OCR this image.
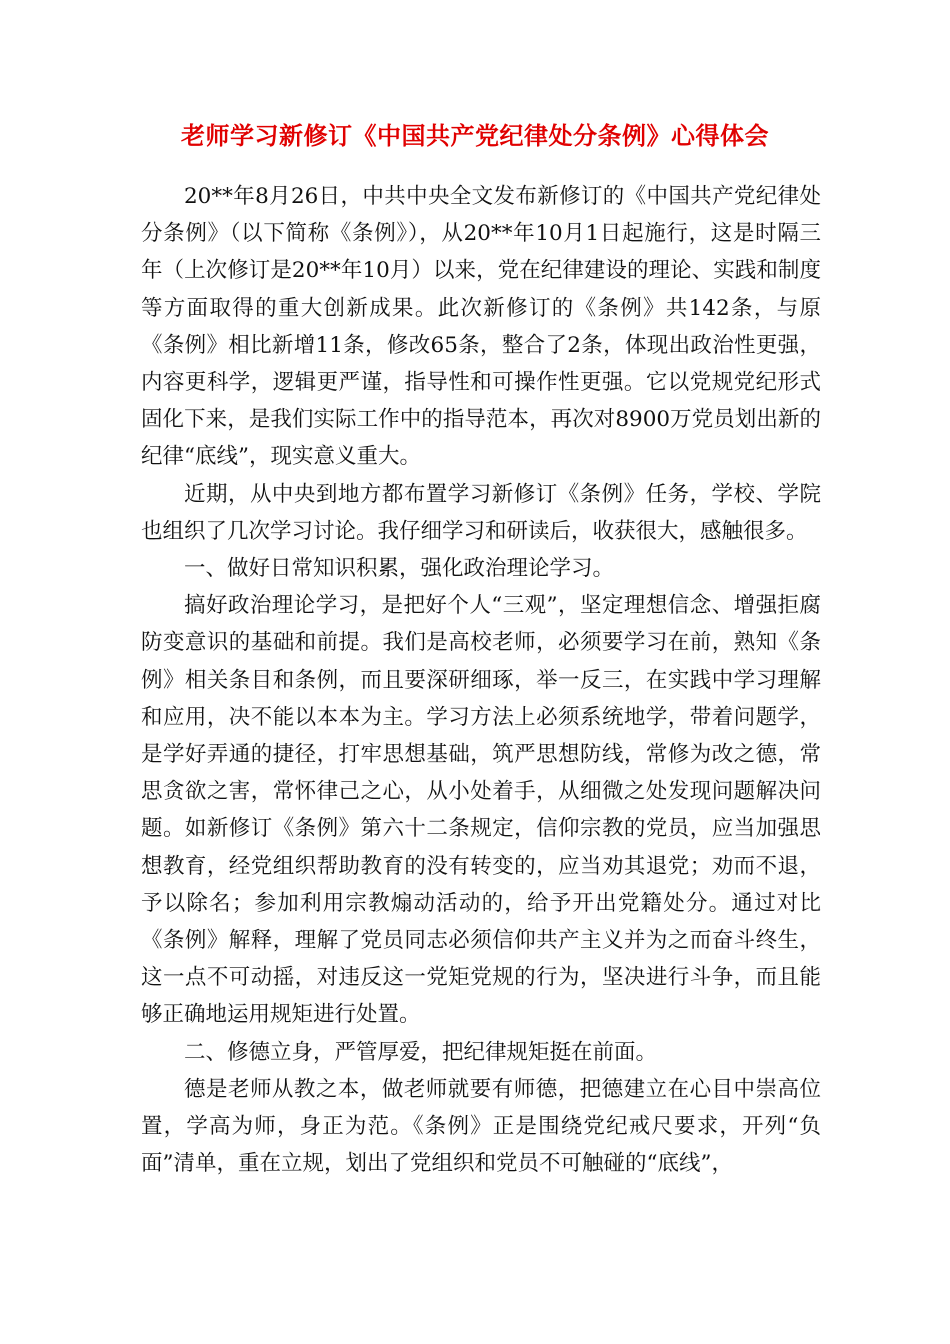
老师学习新修订《中国共产党纪律处分条例》心得体会

20**年8月26日，中共中央全文发布新修订的《中国共产党纪律处分条例》（以下简称《条例》），从20**年10月1日起施行，这是时隔三年（上次修订是20**年10月）以来，党在纪律建设的理论、实践和制度等方面取得的重大创新成果。此次新修订的《条例》共142条，与原《条例》相比新增11条，修改65条，整合了2条，体现出政治性更强，内容更科学，逻辑更严谨，指导性和可操作性更强。它以党规党纪形式固化下来，是我们实际工作中的指导范本，再次对8900万党员划出新的纪律“底线”，现实意义重大。

近期，从中央到地方都布置学习新修订《条例》任务，学校、学院也组织了几次学习讨论。我仔细学习和研读后，收获很大，感触很多。

一、做好日常知识积累，强化政治理论学习。

搞好政治理论学习，是把好个人“三观”，坚定理想信念、增强拒腐防变意识的基础和前提。我们是高校老师，必须要学习在前，熟知《条例》相关条目和条例，而且要深研细琢，举一反三，在实践中学习理解和应用，决不能以本本为主。学习方法上必须系统地学，带着问题学，是学好弄通的捷径，打牢思想基础，筑严思想防线，常修为改之德，常思贪欲之害，常怀律己之心，从小处着手，从细微之处发现问题解决问题。如新修订《条例》第六十二条规定，信仰宗教的党员，应当加强思想教育，经党组织帮助教育的没有转变的，应当劝其退党；劝而不退，予以除名；参加利用宗教煽动活动的，给予开出党籍处分。通过对比《条例》解释，理解了党员同志必须信仰共产主义并为之而奋斗终生，这一点不可动摇，对违反这一党矩党规的行为，坚决进行斗争，而且能够正确地运用规矩进行处置。

二、修德立身，严管厚爱，把纪律规矩挺在前面。

德是老师从教之本，做老师就要有师德，把德建立在心目中崇高位置，学高为师，身正为范。《条例》正是围绕党纪戒尺要求，开列“负面”清单，重在立规，划出了党组织和党员不可触碰的“底线”，
